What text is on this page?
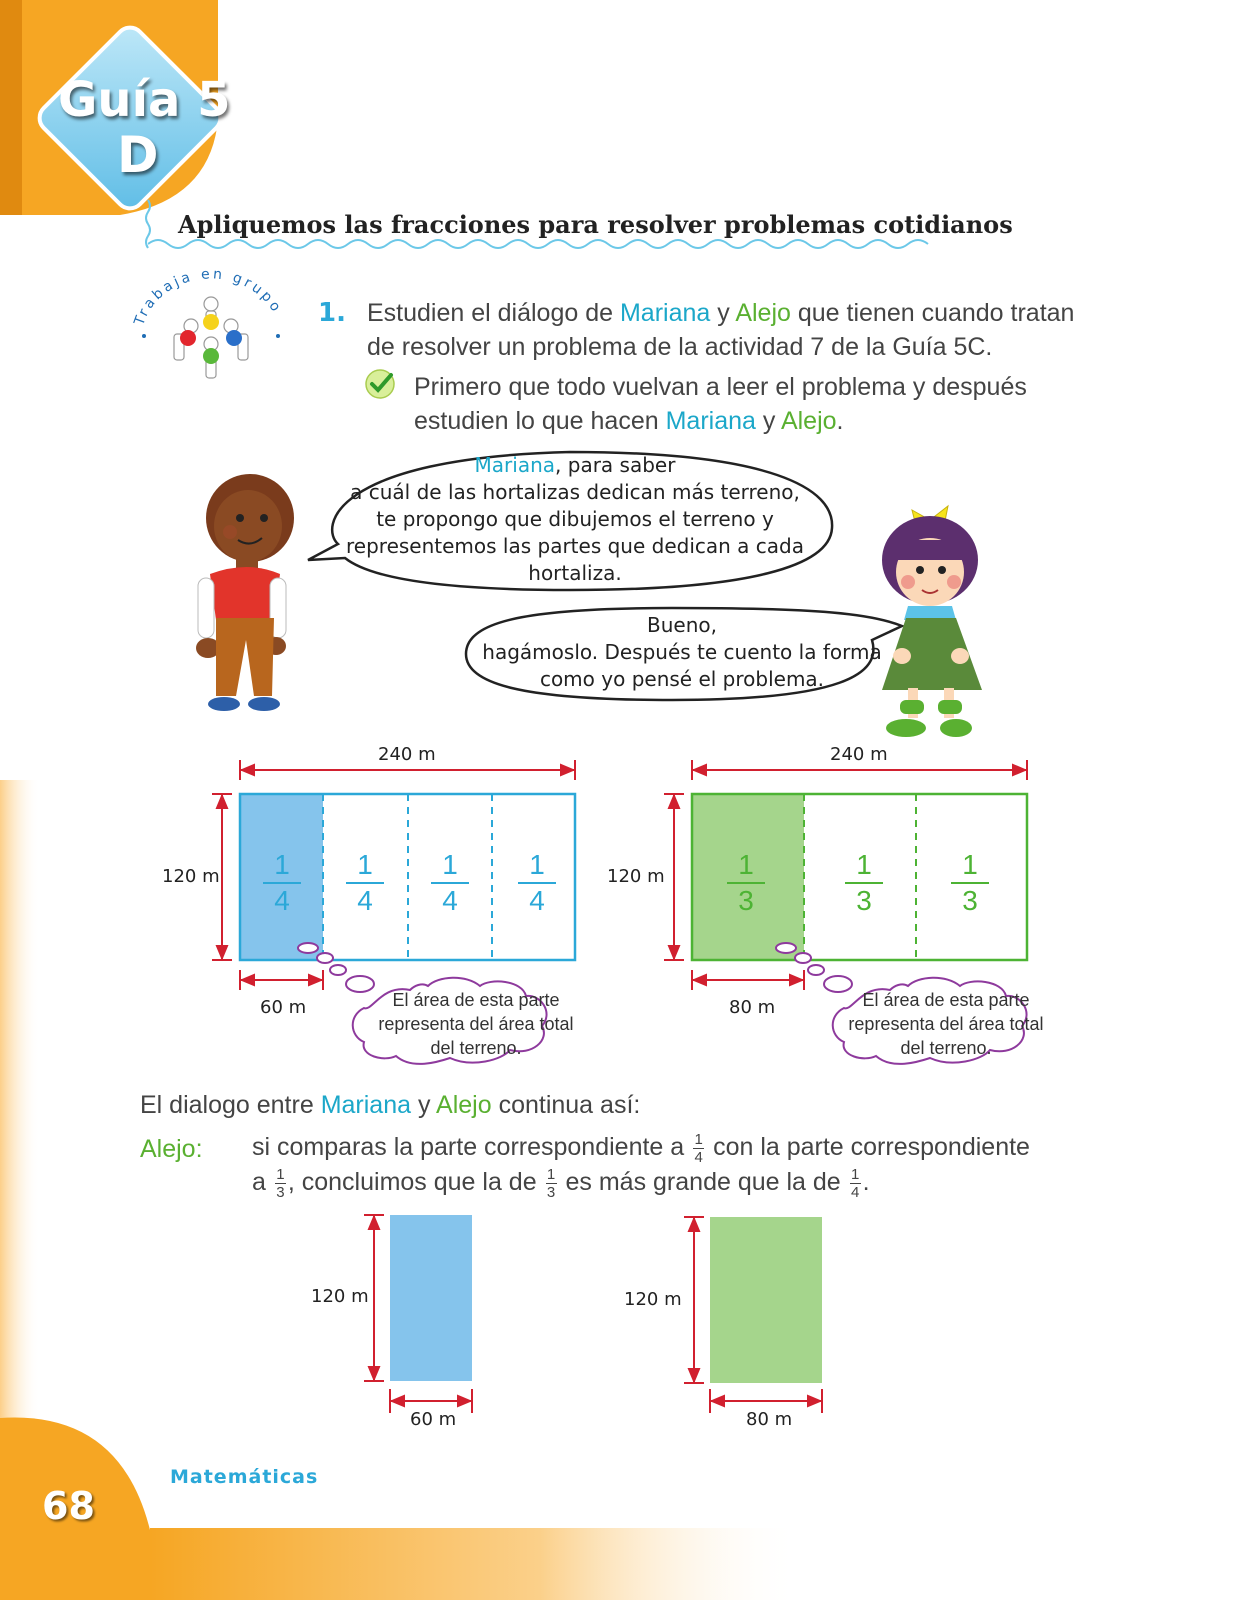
Guía 5
D
Apliquemos las fracciones para resolver problemas cotidianos
Trabaja en grupo 1. Estudien el diálogo de Mariana y Alejo que tienen cuando tratan
de resolver un problema de la actividad 7 de la Guía 5C.
Primero que todo vuelvan a leer el problema y después
estudien lo que hacen Mariana y Alejo.
Mariana, para saber
a cuál de las hortalizas dedican más terreno,
te propongo que dibujemos el terreno y
representemos las partes que dedican a cada
hortaliza.
Bueno,
hagámoslo. Después te cuento la forma
como yo pensé el problema.
240 m
120 m
60 m
1
4
1
4
1
4
1
4
El área de esta parte
representa del área total
del terreno.
240 m
120 m
80 m
1
3
1
3
1
3
El área de esta parte
representa del área total
del terreno.
El dialogo entre Mariana y Alejo continua así:
Alejo: si comparas la parte correspondiente a $\frac{1}{4}$ con la parte correspondiente
a $\frac{1}{3}$ , concluimos que la de $\frac{1}{3}$ es más grande que la de $\frac{1}{4}$ .
120 m
60 m
120 m
80 m
Matemáticas
68
